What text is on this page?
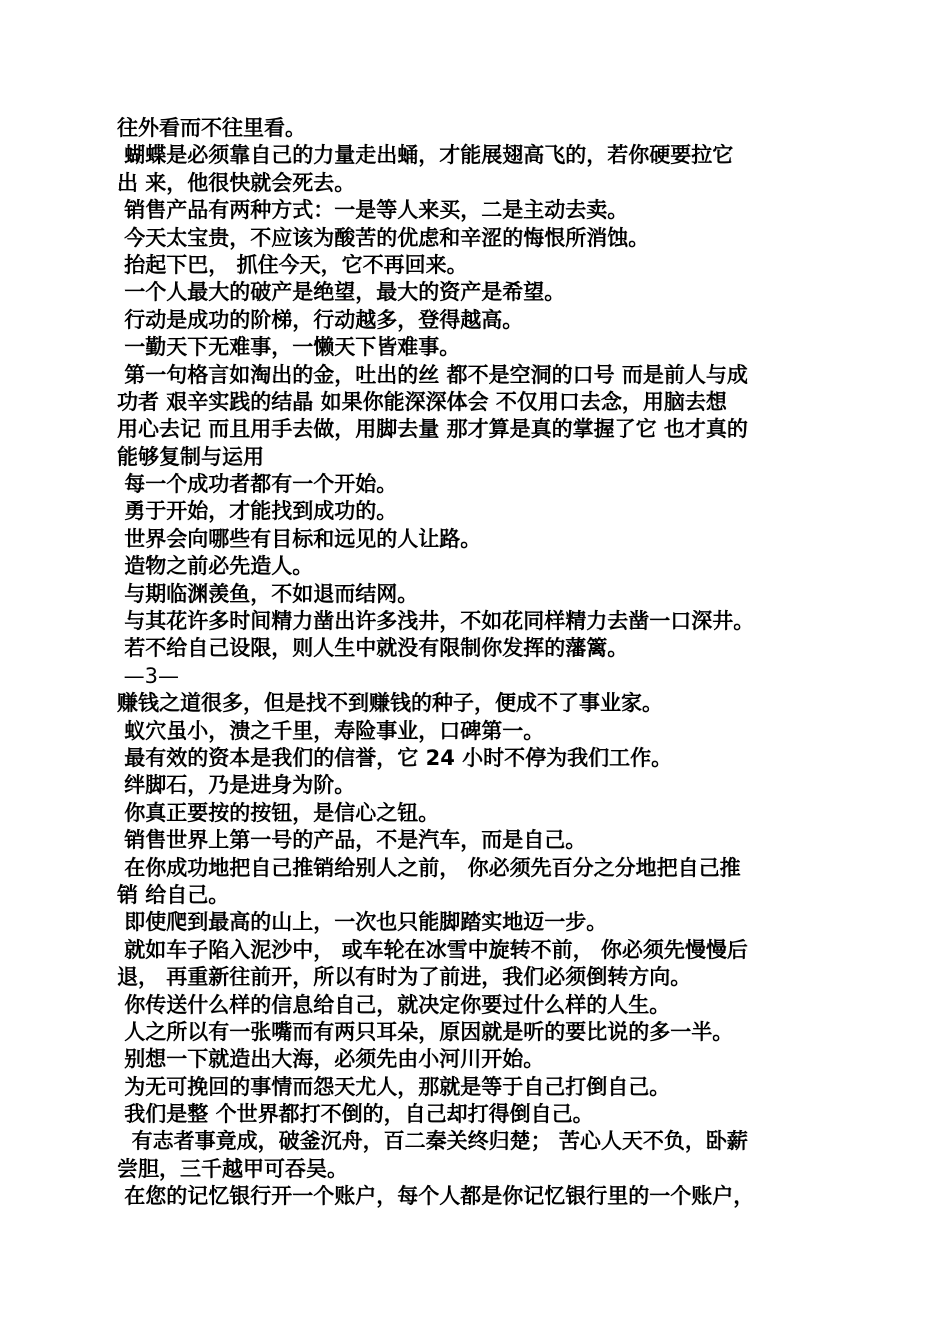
往外看而不往里看。
蝴蝶是必须靠自己的力量走出蛹，才能展翅高飞的，若你硬要拉它
出 来，他很快就会死去。
销售产品有两种方式：一是等人来买，二是主动去卖。
今天太宝贵，不应该为酸苦的优虑和辛涩的悔恨所消蚀。
抬起下巴， 抓住今天，它不再回来。
一个人最大的破产是绝望，最大的资产是希望。
行动是成功的阶梯，行动越多，登得越高。
一勤天下无难事，一懒天下皆难事。
第一句格言如淘出的金，吐出的丝 都不是空洞的口号 而是前人与成
功者 艰辛实践的结晶 如果你能深深体会 不仅用口去念，用脑去想
用心去记 而且用手去做，用脚去量 那才算是真的掌握了它 也才真的
能够复制与运用
每一个成功者都有一个开始。
勇于开始，才能找到成功的。
世界会向哪些有目标和远见的人让路。
造物之前必先造人。
与期临渊羡鱼，不如退而结网。
与其花许多时间精力凿出许多浅井，不如花同样精力去凿一口深井。
若不给自己设限，则人生中就没有限制你发挥的藩篱。
—3—
赚钱之道很多，但是找不到赚钱的种子，便成不了事业家。
蚁穴虽小，溃之千里，寿险事业，口碑第一。
最有效的资本是我们的信誉，它 24 小时不停为我们工作。
绊脚石，乃是进身为阶。
你真正要按的按钮，是信心之钮。
销售世界上第一号的产品，不是汽车，而是自己。
在你成功地把自己推销给别人之前， 你必须先百分之分地把自己推
销 给自己。
即使爬到最高的山上，一次也只能脚踏实地迈一步。
就如车子陷入泥沙中， 或车轮在冰雪中旋转不前， 你必须先慢慢后
退， 再重新往前开，所以有时为了前进，我们必须倒转方向。
你传送什么样的信息给自己，就决定你要过什么样的人生。
人之所以有一张嘴而有两只耳朵，原因就是听的要比说的多一半。
别想一下就造出大海，必须先由小河川开始。
为无可挽回的事情而怨天尤人，那就是等于自己打倒自己。
我们是整 个世界都打不倒的，自己却打得倒自己。
有志者事竟成，破釜沉舟，百二秦关终归楚； 苦心人天不负，卧薪
尝胆，三千越甲可吞吴。
在您的记忆银行开一个账户，每个人都是你记忆银行里的一个账户，
